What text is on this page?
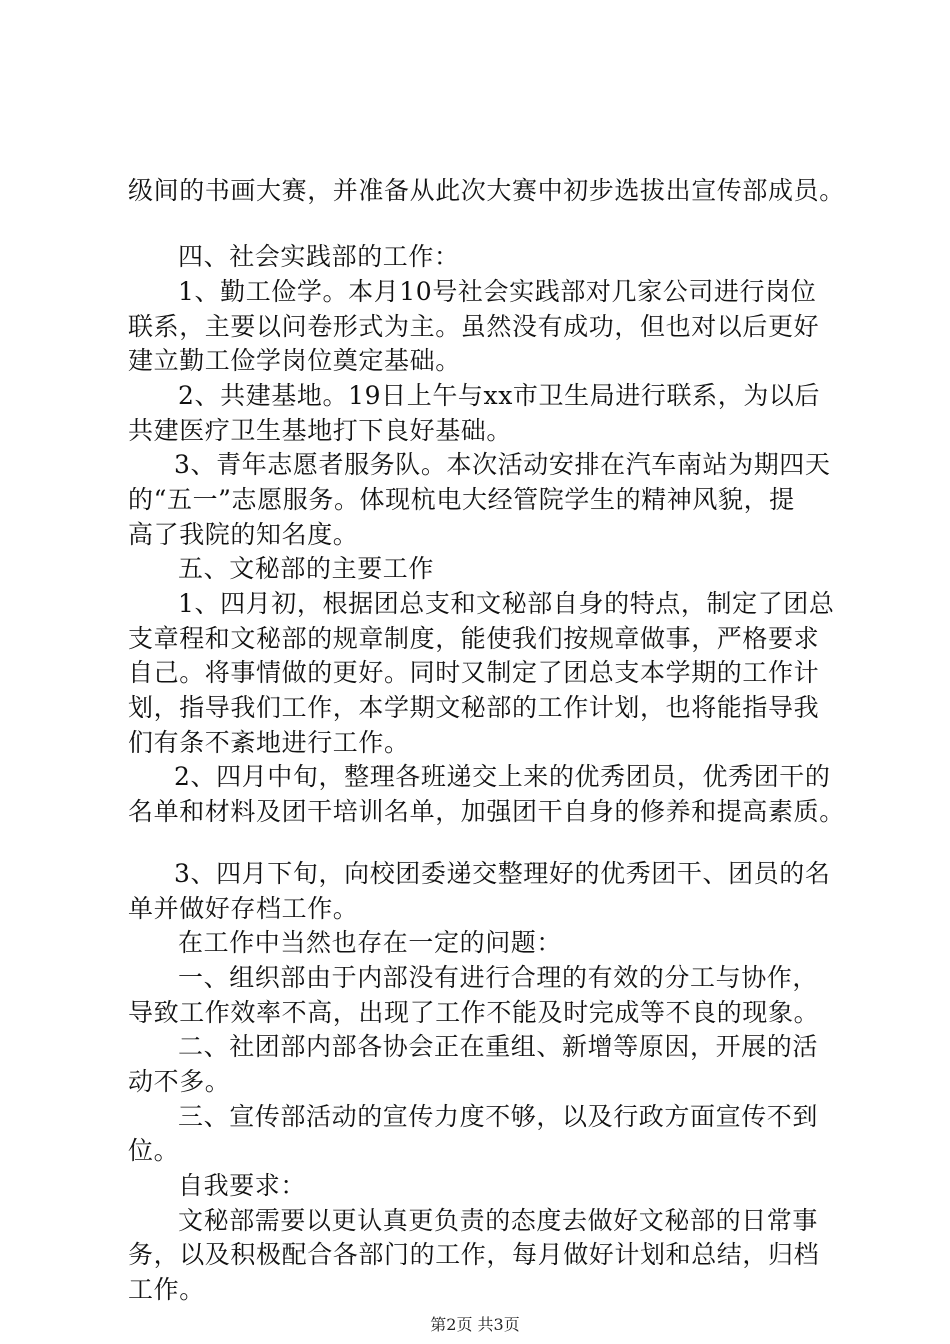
级间的书画大赛，并准备从此次大赛中初步选拔出宣传部成员。
四、社会实践部的工作：
1、勤工俭学。本月10号社会实践部对几家公司进行岗位
联系，主要以问卷形式为主。虽然没有成功，但也对以后更好
建立勤工俭学岗位奠定基础。
2、共建基地。19日上午与xx市卫生局进行联系，为以后
共建医疗卫生基地打下良好基础。
3、青年志愿者服务队。本次活动安排在汽车南站为期四天
的“五一”志愿服务。体现杭电大经管院学生的精神风貌，提
高了我院的知名度。
五、文秘部的主要工作
1、四月初，根据团总支和文秘部自身的特点，制定了团总
支章程和文秘部的规章制度，能使我们按规章做事，严格要求
自己。将事情做的更好。同时又制定了团总支本学期的工作计
划，指导我们工作，本学期文秘部的工作计划，也将能指导我
们有条不紊地进行工作。
2、四月中旬，整理各班递交上来的优秀团员，优秀团干的
名单和材料及团干培训名单，加强团干自身的修养和提高素质。
3、四月下旬，向校团委递交整理好的优秀团干、团员的名
单并做好存档工作。
在工作中当然也存在一定的问题：
一、组织部由于内部没有进行合理的有效的分工与协作，
导致工作效率不高，出现了工作不能及时完成等不良的现象。
二、社团部内部各协会正在重组、新增等原因，开展的活
动不多。
三、宣传部活动的宣传力度不够，以及行政方面宣传不到
位。
自我要求：
文秘部需要以更认真更负责的态度去做好文秘部的日常事
务，以及积极配合各部门的工作，每月做好计划和总结，归档
工作。
第2页 共3页
